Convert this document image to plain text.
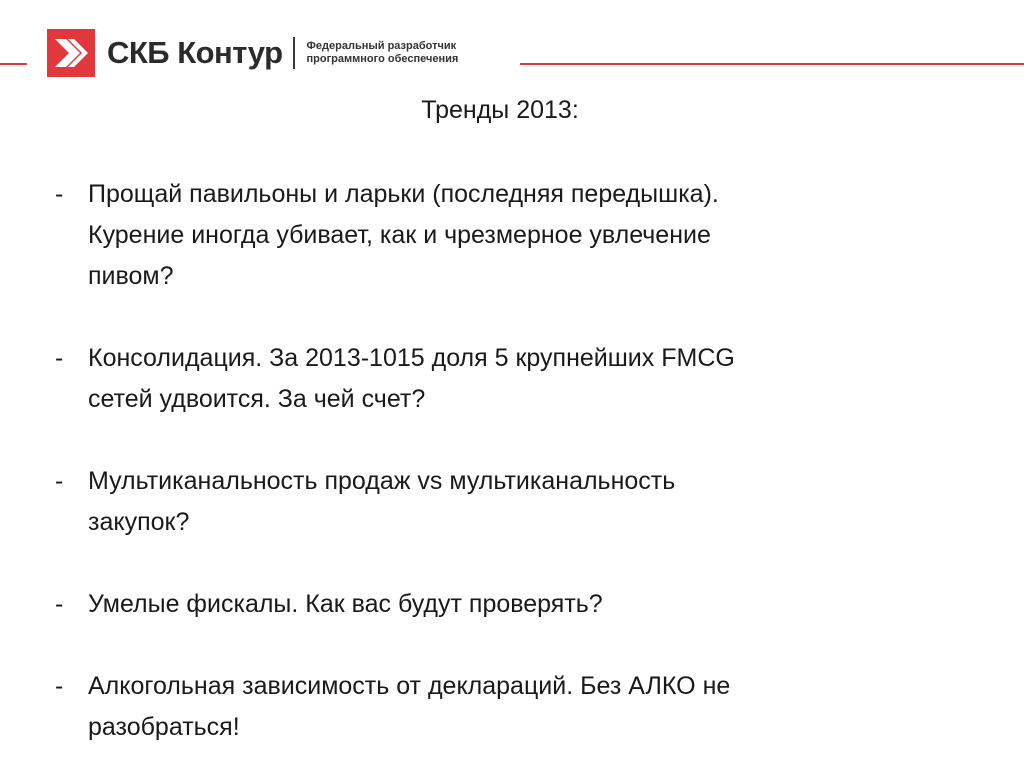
СКБ Контур Федеральный разработчик
программного обеспечения
Тренды 2013:
- Прощай павильоны и ларьки (последняя передышка).
Курение иногда убивает, как и чрезмерное увлечение
пивом?
- Консолидация. За 2013-1015 доля 5 крупнейших FMCG
сетей удвоится. За чей счет?
- Мультиканальность продаж vs мультиканальность
закупок?
- Умелые фискалы. Как вас будут проверять?
- Алкогольная зависимость от деклараций. Без АЛКО не
разобраться!
